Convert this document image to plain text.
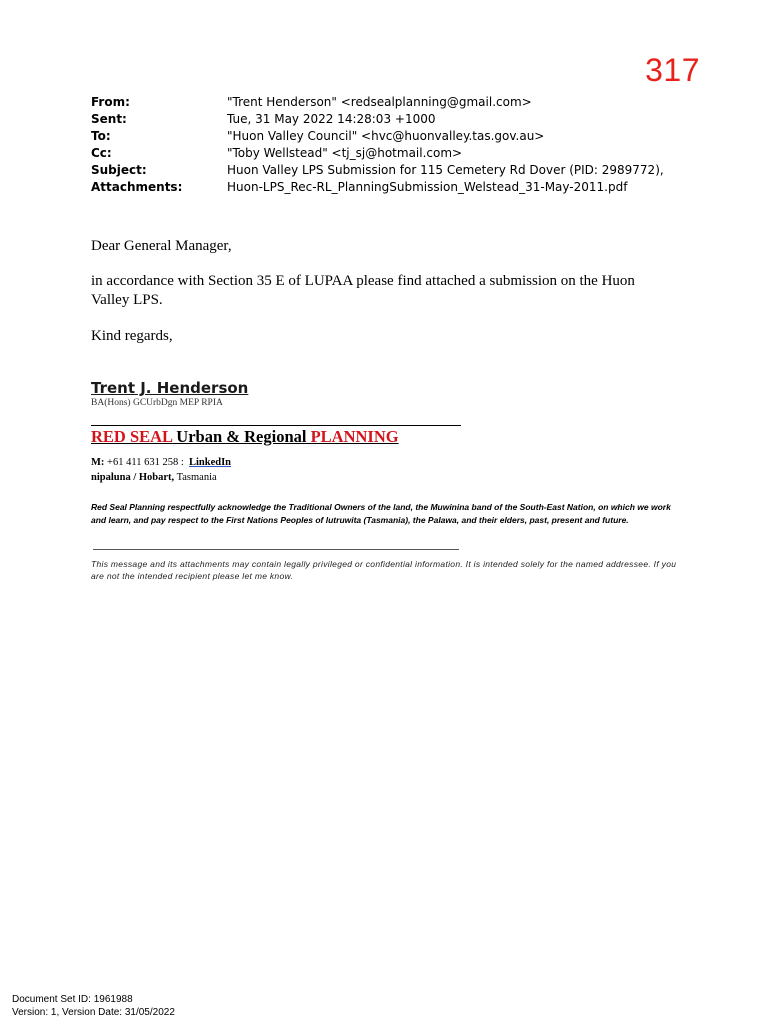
317
From:	"Trent Henderson" <redsealplanning@gmail.com>
Sent:	Tue, 31 May 2022 14:28:03 +1000
To:	"Huon Valley Council" <hvc@huonvalley.tas.gov.au>
Cc:	"Toby Wellstead" <tj_sj@hotmail.com>
Subject:	Huon Valley LPS Submission for 115 Cemetery Rd Dover (PID: 2989772),
Attachments:	Huon-LPS_Rec-RL_PlanningSubmission_Welstead_31-May-2011.pdf
Dear General Manager,
in accordance with Section 35 E of LUPAA please find attached a submission on the Huon Valley LPS.
Kind regards,
Trent J. Henderson
BA(Hons) GCUrbDgn MEP RPIA
RED SEAL Urban & Regional PLANNING
M: +61 411 631 258 :  LinkedIn
nipaluna / Hobart, Tasmania
Red Seal Planning respectfully acknowledge the Traditional Owners of the land, the Muwinina band of the South-East Nation, on which we work and learn, and pay respect to the First Nations Peoples of lutruwita (Tasmania), the Palawa, and their elders, past, present and future.
This message and its attachments may contain legally privileged or confidential information. It is intended solely for the named addressee. If you are not the intended recipient please let me know.
Document Set ID: 1961988
Version: 1, Version Date: 31/05/2022
